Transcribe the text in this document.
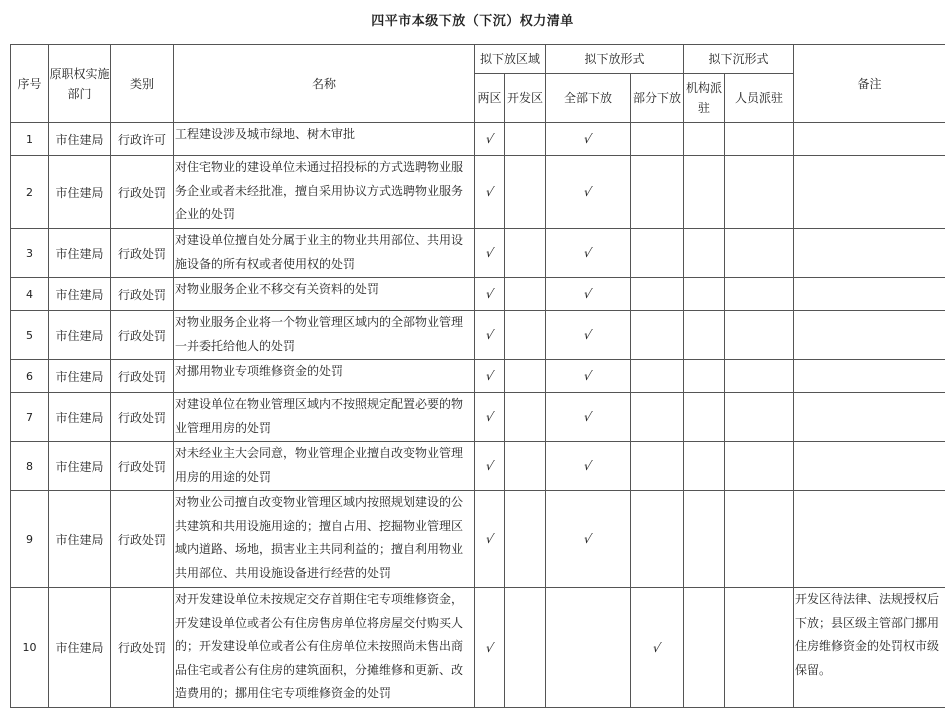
四平市本级下放（下沉）权力清单
序号	原职权实施部门	类别	名称	拟下放区域		拟下放形式		拟下沉形式		备注
				两区	开发区	全部下放	部分下放	机构派驻	人员派驻	
1	市住建局	行政许可	工程建设涉及城市绿地、树木审批	√		√				
2	市住建局	行政处罚	对住宅物业的建设单位未通过招投标的方式选聘物业服务企业或者未经批准，擅自采用协议方式选聘物业服务企业的处罚	√		√				
3	市住建局	行政处罚	对建设单位擅自处分属于业主的物业共用部位、共用设施设备的所有权或者使用权的处罚	√		√				
4	市住建局	行政处罚	对物业服务企业不移交有关资料的处罚	√		√				
5	市住建局	行政处罚	对物业服务企业将一个物业管理区域内的全部物业管理一并委托给他人的处罚	√		√				
6	市住建局	行政处罚	对挪用物业专项维修资金的处罚	√		√				
7	市住建局	行政处罚	对建设单位在物业管理区域内不按照规定配置必要的物业管理用房的处罚	√		√				
8	市住建局	行政处罚	对未经业主大会同意，物业管理企业擅自改变物业管理用房的用途的处罚	√		√				
9	市住建局	行政处罚	对物业公司擅自改变物业管理区域内按照规划建设的公共建筑和共用设施用途的；擅自占用、挖掘物业管理区域内道路、场地，损害业主共同利益的；擅自利用物业共用部位、共用设施设备进行经营的处罚	√		√				
10	市住建局	行政处罚	对开发建设单位未按规定交存首期住宅专项维修资金，开发建设单位或者公有住房售房单位将房屋交付购买人的；开发建设单位或者公有住房单位未按照尚未售出商品住宅或者公有住房的建筑面积，分摊维修和更新、改造费用的；挪用住宅专项维修资金的处罚	√			√			开发区待法律、法规授权后下放；县区级主管部门挪用住房维修资金的处罚权市级保留。
